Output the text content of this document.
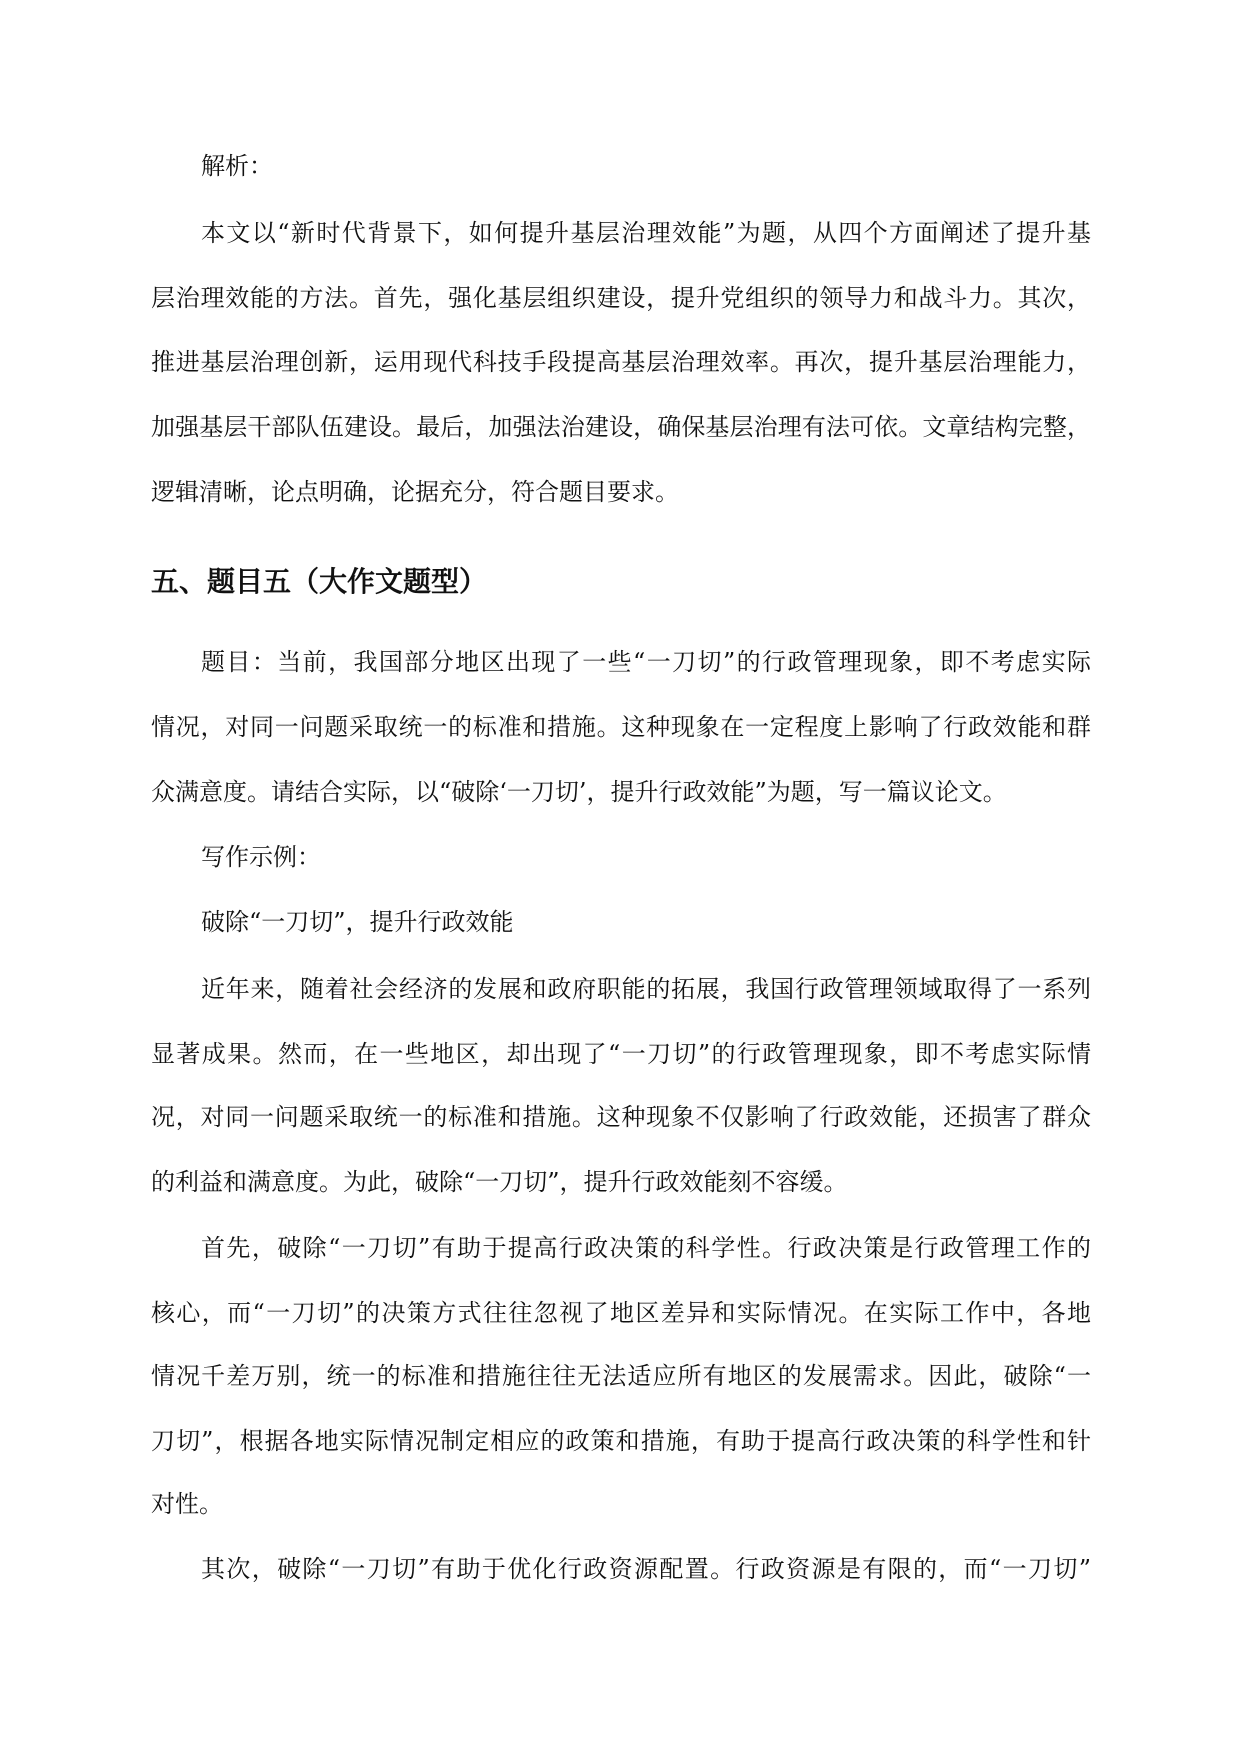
解析：
本文以“新时代背景下，如何提升基层治理效能”为题，从四个方面阐述了提升基
层治理效能的方法。首先，强化基层组织建设，提升党组织的领导力和战斗力。其次，
推进基层治理创新，运用现代科技手段提高基层治理效率。再次，提升基层治理能力，
加强基层干部队伍建设。最后，加强法治建设，确保基层治理有法可依。文章结构完整，
逻辑清晰，论点明确，论据充分，符合题目要求。
五、题目五（大作文题型）
题目：当前，我国部分地区出现了一些“一刀切”的行政管理现象，即不考虑实际
情况，对同一问题采取统一的标准和措施。这种现象在一定程度上影响了行政效能和群
众满意度。请结合实际，以“破除‘一刀切’，提升行政效能”为题，写一篇议论文。
写作示例：
破除“一刀切”，提升行政效能
近年来，随着社会经济的发展和政府职能的拓展，我国行政管理领域取得了一系列
显著成果。然而，在一些地区，却出现了“一刀切”的行政管理现象，即不考虑实际情
况，对同一问题采取统一的标准和措施。这种现象不仅影响了行政效能，还损害了群众
的利益和满意度。为此，破除“一刀切”，提升行政效能刻不容缓。
首先，破除“一刀切”有助于提高行政决策的科学性。行政决策是行政管理工作的
核心，而“一刀切”的决策方式往往忽视了地区差异和实际情况。在实际工作中，各地
情况千差万别，统一的标准和措施往往无法适应所有地区的发展需求。因此，破除“一
刀切”，根据各地实际情况制定相应的政策和措施，有助于提高行政决策的科学性和针
对性。
其次，破除“一刀切”有助于优化行政资源配置。行政资源是有限的，而“一刀切”
